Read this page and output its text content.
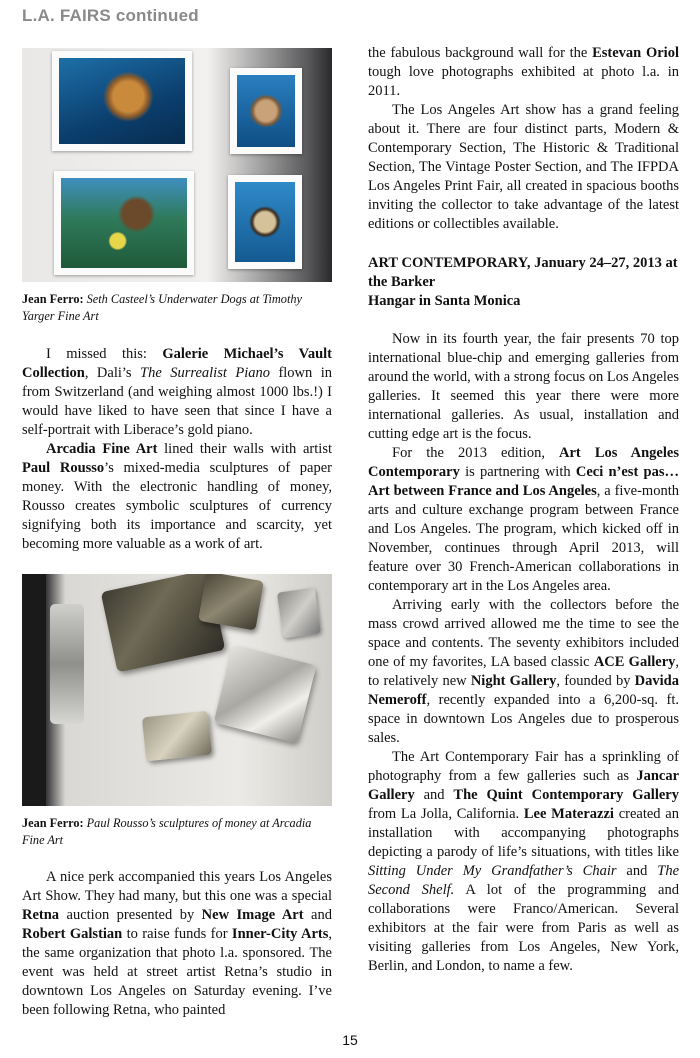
L.A. FAIRS continued

Jean Ferro: Seth Casteel’s Underwater Dogs at Timothy Yarger Fine Art

I missed this: Galerie Michael’s Vault Collection, Dali’s The Surrealist Piano flown in from Switzerland (and weighing almost 1000 lbs.!) I would have liked to have seen that since I have a self-portrait with Liberace’s gold piano.

Arcadia Fine Art lined their walls with artist Paul Rousso’s mixed-media sculptures of paper money. With the electronic handling of money, Rousso creates symbolic sculptures of currency signifying both its importance and scarcity, yet becoming more valuable as a work of art.

Jean Ferro: Paul Rousso’s sculptures of money at Arcadia Fine Art

A nice perk accompanied this years Los Angeles Art Show. They had many, but this one was a special Retna auction presented by New Image Art and Robert Galstian to raise funds for Inner-City Arts, the same organization that photo l.a. sponsored. The event was held at street artist Retna’s studio in downtown Los Angeles on Saturday evening. I’ve been following Retna, who painted

the fabulous background wall for the Estevan Oriol tough love photographs exhibited at photo l.a. in 2011.

The Los Angeles Art show has a grand feeling about it. There are four distinct parts, Modern & Contemporary Section, The Historic & Traditional Section, The Vintage Poster Section, and The IFPDA Los Angeles Print Fair, all created in spacious booths inviting the collector to take advantage of the latest editions or collectibles available.

ART CONTEMPORARY, January 24–27, 2013 at the Barker
Hangar in Santa Monica

Now in its fourth year, the fair presents 70 top international blue-chip and emerging galleries from around the world, with a strong focus on Los Angeles galleries. It seemed this year there were more international galleries. As usual, installation and cutting edge art is the focus.

For the 2013 edition, Art Los Angeles Contemporary is partnering with Ceci n’est pas… Art between France and Los Angeles, a five-month arts and culture exchange program between France and Los Angeles. The program, which kicked off in November, continues through April 2013, will feature over 30 French-American collaborations in contemporary art in the Los Angeles area.

Arriving early with the collectors before the mass crowd arrived allowed me the time to see the space and contents. The seventy exhibitors included one of my favorites, LA based classic ACE Gallery, to relatively new Night Gallery, founded by Davida Nemeroff, recently expanded into a 6,200-sq. ft. space in downtown Los Angeles due to prosperous sales.

The Art Contemporary Fair has a sprinkling of photography from a few galleries such as Jancar Gallery and The Quint Contemporary Gallery from La Jolla, California. Lee Materazzi created an installation with accompanying photographs depicting a parody of life’s situations, with titles like Sitting Under My Grandfather’s Chair and The Second Shelf. A lot of the programming and collaborations were Franco/American. Several exhibitors at the fair were from Paris as well as visiting galleries from Los Angeles, New York, Berlin, and London, to name a few.

15
